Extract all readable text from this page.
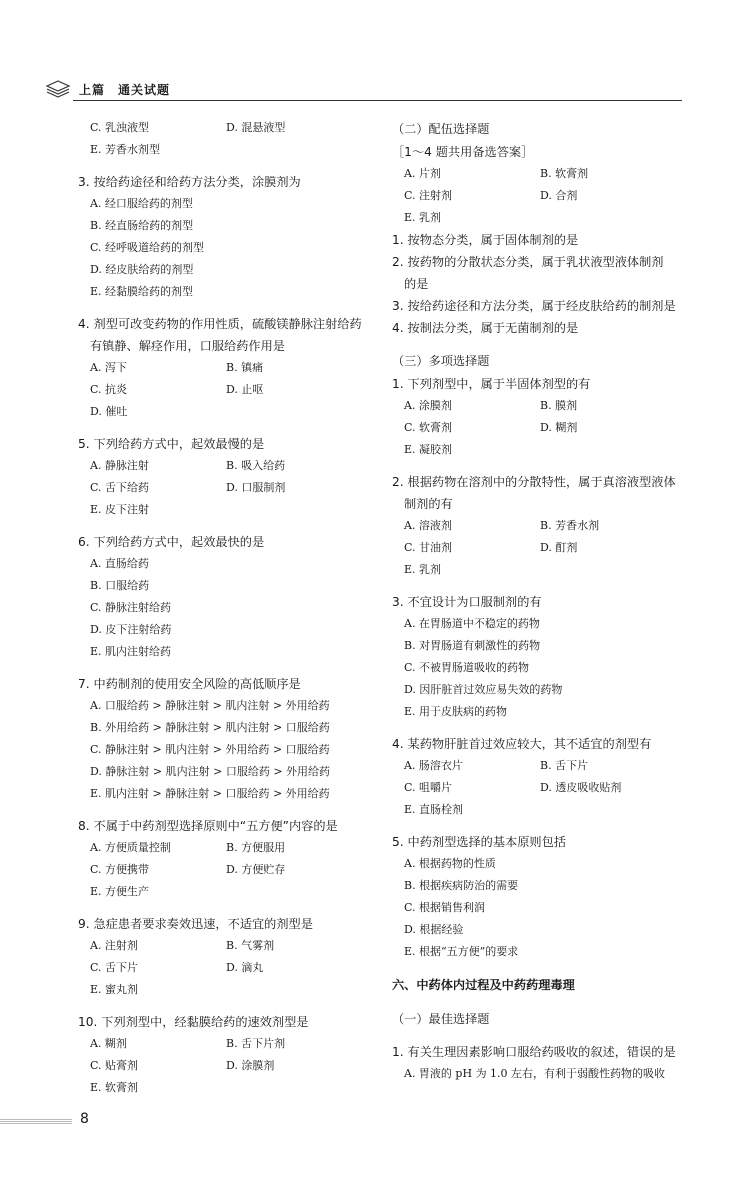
上篇　通关试题
C. 乳浊液型	D. 混悬液型
E. 芳香水剂型
3. 按给药途径和给药方法分类，涂膜剂为
A. 经口服给药的剂型
B. 经直肠给药的剂型
C. 经呼吸道给药的剂型
D. 经皮肤给药的剂型
E. 经黏膜给药的剂型
4. 剂型可改变药物的作用性质，硫酸镁静脉注射给药
有镇静、解痉作用，口服给药作用是
A. 泻下	B. 镇痛
C. 抗炎	D. 止呕
D. 催吐
5. 下列给药方式中，起效最慢的是
A. 静脉注射	B. 吸入给药
C. 舌下给药	D. 口服制剂
E. 皮下注射
6. 下列给药方式中，起效最快的是
A. 直肠给药
B. 口服给药
C. 静脉注射给药
D. 皮下注射给药
E. 肌内注射给药
7. 中药制剂的使用安全风险的高低顺序是
A. 口服给药 > 静脉注射 > 肌内注射 > 外用给药
B. 外用给药 > 静脉注射 > 肌内注射 > 口服给药
C. 静脉注射 > 肌内注射 > 外用给药 > 口服给药
D. 静脉注射 > 肌内注射 > 口服给药 > 外用给药
E. 肌内注射 > 静脉注射 > 口服给药 > 外用给药
8. 不属于中药剂型选择原则中“五方便”内容的是
A. 方便质量控制	B. 方便服用
C. 方便携带	D. 方便贮存
E. 方便生产
9. 急症患者要求奏效迅速，不适宜的剂型是
A. 注射剂	B. 气雾剂
C. 舌下片	D. 滴丸
E. 蜜丸剂
10. 下列剂型中，经黏膜给药的速效剂型是
A. 糊剂	B. 舌下片剂
C. 贴膏剂	D. 涂膜剂
E. 软膏剂
（二）配伍选择题
［1～4 题共用备选答案］
A. 片剂	B. 软膏剂
C. 注射剂	D. 合剂
E. 乳剂
1. 按物态分类，属于固体制剂的是
2. 按药物的分散状态分类，属于乳状液型液体制剂
的是
3. 按给药途径和方法分类，属于经皮肤给药的制剂是
4. 按制法分类，属于无菌制剂的是
（三）多项选择题
1. 下列剂型中，属于半固体剂型的有
A. 涂膜剂	B. 膜剂
C. 软膏剂	D. 糊剂
E. 凝胶剂
2. 根据药物在溶剂中的分散特性，属于真溶液型液体
制剂的有
A. 溶液剂	B. 芳香水剂
C. 甘油剂	D. 酊剂
E. 乳剂
3. 不宜设计为口服制剂的有
A. 在胃肠道中不稳定的药物
B. 对胃肠道有刺激性的药物
C. 不被胃肠道吸收的药物
D. 因肝脏首过效应易失效的药物
E. 用于皮肤病的药物
4. 某药物肝脏首过效应较大，其不适宜的剂型有
A. 肠溶衣片	B. 舌下片
C. 咀嚼片	D. 透皮吸收贴剂
E. 直肠栓剂
5. 中药剂型选择的基本原则包括
A. 根据药物的性质
B. 根据疾病防治的需要
C. 根据销售利润
D. 根据经验
E. 根据“五方便”的要求
六、中药体内过程及中药药理毒理
（一）最佳选择题
1. 有关生理因素影响口服给药吸收的叙述，错误的是
A. 胃液的 pH 为 1.0 左右，有利于弱酸性药物的吸收
8
